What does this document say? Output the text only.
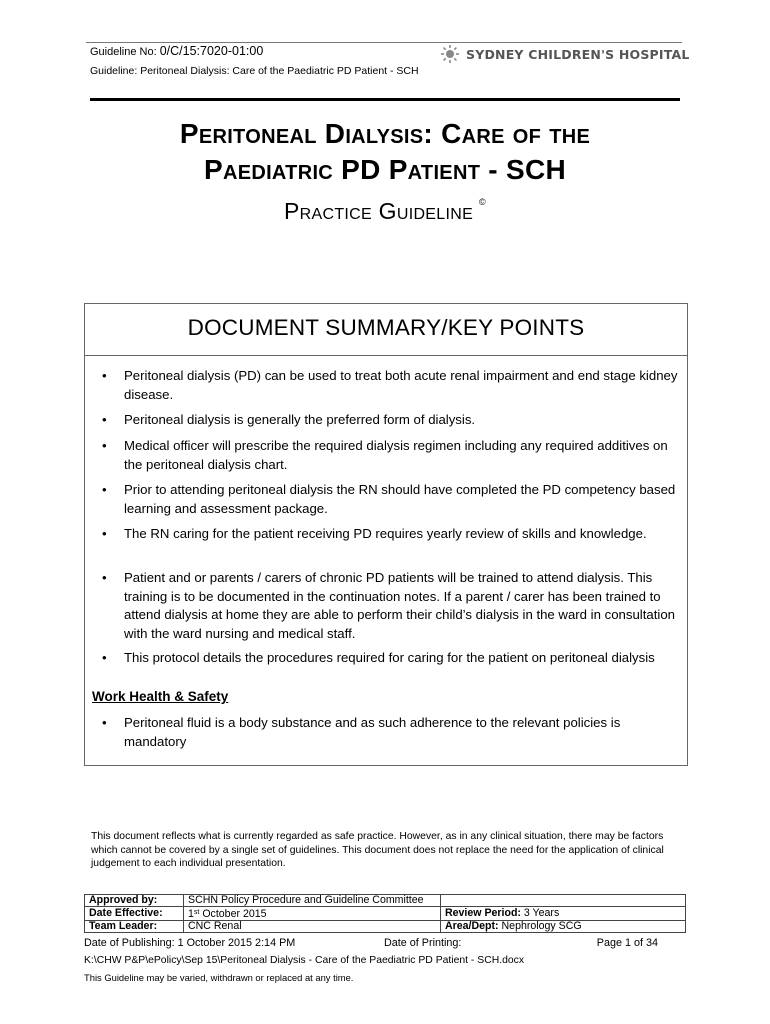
Guideline No: 0/C/15:7020-01:00
Guideline: Peritoneal Dialysis: Care of the Paediatric PD Patient - SCH
SYDNEY CHILDREN'S HOSPITAL
Peritoneal Dialysis: Care of the
Paediatric PD Patient - SCH
Practice Guideline ©
DOCUMENT SUMMARY/KEY POINTS
• Peritoneal dialysis (PD) can be used to treat both acute renal impairment and end stage kidney disease.
• Peritoneal dialysis is generally the preferred form of dialysis.
• Medical officer will prescribe the required dialysis regimen including any required additives on the peritoneal dialysis chart.
• Prior to attending peritoneal dialysis the RN should have completed the PD competency based learning and assessment package.
• The RN caring for the patient receiving PD requires yearly review of skills and knowledge.
• Patient and or parents / carers of chronic PD patients will be trained to attend dialysis. This training is to be documented in the continuation notes. If a parent / carer has been trained to attend dialysis at home they are able to perform their child’s dialysis in the ward in consultation with the ward nursing and medical staff.
• This protocol details the procedures required for caring for the patient on peritoneal dialysis
Work Health & Safety
• Peritoneal fluid is a body substance and as such adherence to the relevant policies is mandatory
This document reflects what is currently regarded as safe practice. However, as in any clinical situation, there may be factors which cannot be covered by a single set of guidelines. This document does not replace the need for the application of clinical judgement to each individual presentation.
Approved by:	SCHN Policy Procedure and Guideline Committee	
Date Effective:	1st October 2015	Review Period: 3 Years
Team Leader:	CNC Renal	Area/Dept: Nephrology SCG
Date of Publishing: 1 October 2015 2:14 PM	Date of Printing:	Page 1 of 34
K:\CHW P&P\ePolicy\Sep 15\Peritoneal Dialysis - Care of the Paediatric PD Patient - SCH.docx
This Guideline may be varied, withdrawn or replaced at any time.
